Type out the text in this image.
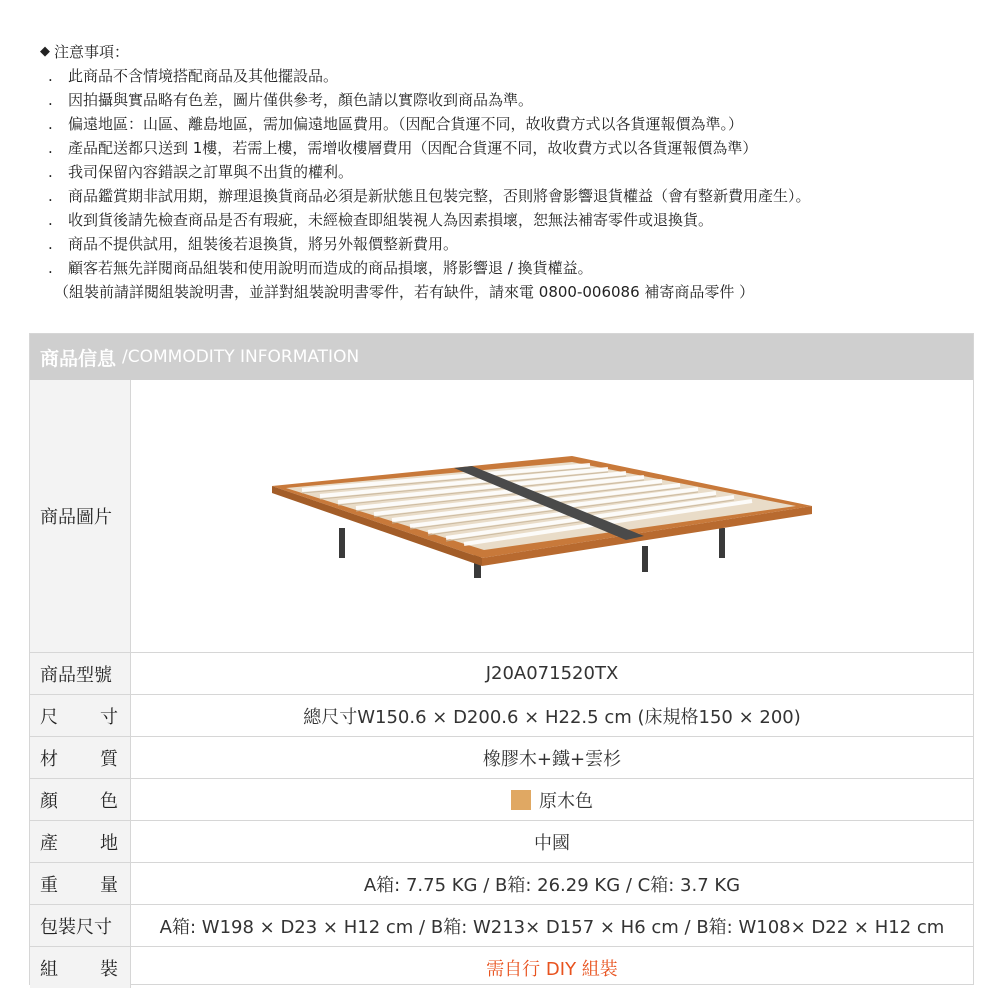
◆ 注意事項：
.	此商品不含情境搭配商品及其他擺設品。
.	因拍攝與實品略有色差，圖片僅供參考，顏色請以實際收到商品為準。
.	偏遠地區：山區、離島地區，需加偏遠地區費用。（因配合貨運不同，故收費方式以各貨運報價為準。）
.	產品配送都只送到 1樓，若需上樓，需增收樓層費用（因配合貨運不同，故收費方式以各貨運報價為準）
.	我司保留內容錯誤之訂單與不出貨的權利。
.	商品鑑賞期非試用期，辦理退換貨商品必須是新狀態且包裝完整，否則將會影響退貨權益（會有整新費用產生）。
.	收到貨後請先檢查商品是否有瑕疵，未經檢查即組裝視人為因素損壞，恕無法補寄零件或退換貨。
.	商品不提供試用，組裝後若退換貨，將另外報價整新費用。
.	顧客若無先詳閱商品組裝和使用說明而造成的商品損壞，將影響退 / 換貨權益。
（組裝前請詳閱組裝說明書，並詳對組裝說明書零件，若有缺件，請來電 0800-006086 補寄商品零件 ）
商品信息 /COMMODITY INFORMATION
商品圖片
商品型號	J20A071520TX
尺 寸	總尺寸W150.6 × D200.6 × H22.5 cm (床規格150 × 200)
材 質	橡膠木+鐵+雲杉
顏 色	原木色
產 地	中國
重 量	A箱: 7.75 KG / B箱: 26.29 KG / C箱: 3.7 KG
包裝尺寸	A箱: W198 × D23 × H12 cm / B箱: W213× D157 × H6 cm / B箱: W108× D22 × H12 cm
組 裝	需自行 DIY 組裝
